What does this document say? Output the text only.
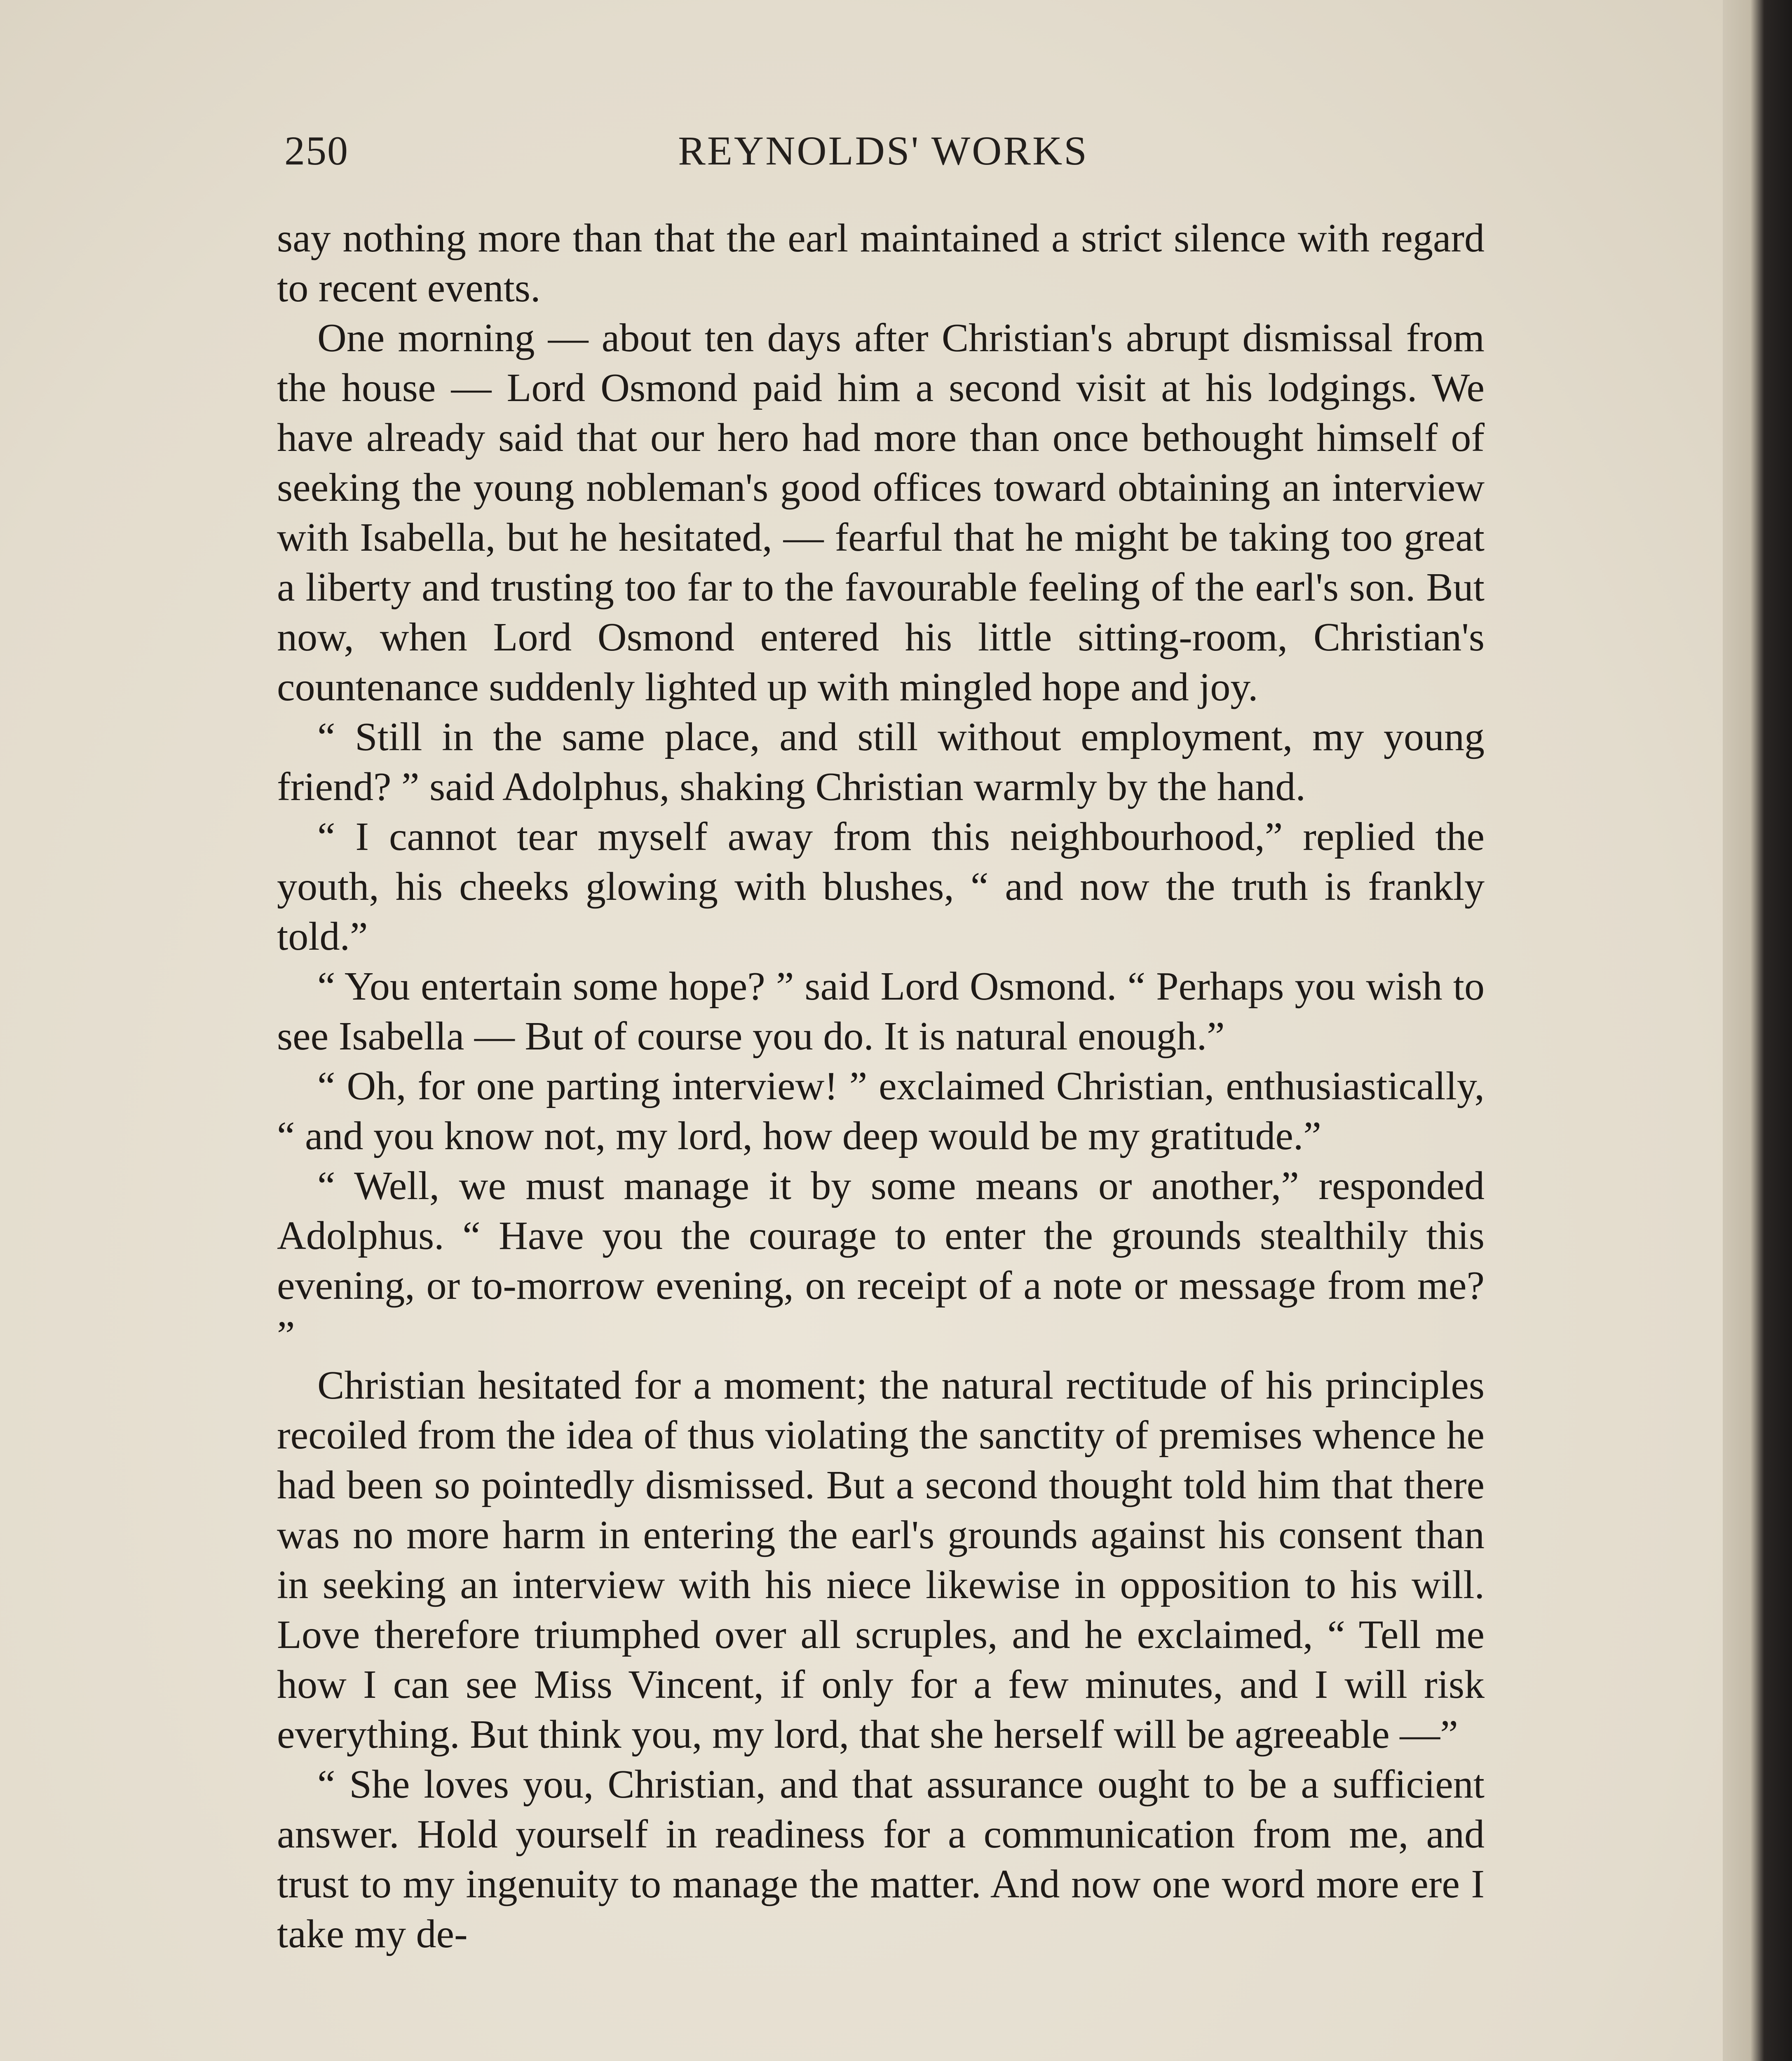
250	REYNOLDS' WORKS

say nothing more than that the earl maintained a strict silence with regard to recent events.

One morning — about ten days after Christian's abrupt dismissal from the house — Lord Osmond paid him a second visit at his lodgings. We have already said that our hero had more than once bethought himself of seeking the young nobleman's good offices toward obtaining an interview with Isabella, but he hesitated, — fearful that he might be taking too great a liberty and trusting too far to the favourable feeling of the earl's son. But now, when Lord Osmond entered his little sitting-room, Christian's countenance suddenly lighted up with mingled hope and joy.

“ Still in the same place, and still without employment, my young friend? ” said Adolphus, shaking Christian warmly by the hand.

“ I cannot tear myself away from this neighbourhood,” replied the youth, his cheeks glowing with blushes, “ and now the truth is frankly told.”

“ You entertain some hope? ” said Lord Osmond. “ Perhaps you wish to see Isabella — But of course you do. It is natural enough.”

“ Oh, for one parting interview! ” exclaimed Christian, enthusiastically, “ and you know not, my lord, how deep would be my gratitude.”

“ Well, we must manage it by some means or another,” responded Adolphus. “ Have you the courage to enter the grounds stealthily this evening, or to-morrow evening, on receipt of a note or message from me? ”

Christian hesitated for a moment; the natural rectitude of his principles recoiled from the idea of thus violating the sanctity of premises whence he had been so pointedly dismissed. But a second thought told him that there was no more harm in entering the earl's grounds against his consent than in seeking an interview with his niece likewise in opposition to his will. Love therefore triumphed over all scruples, and he exclaimed, “ Tell me how I can see Miss Vincent, if only for a few minutes, and I will risk everything. But think you, my lord, that she herself will be agreeable —”

“ She loves you, Christian, and that assurance ought to be a sufficient answer. Hold yourself in readiness for a communication from me, and trust to my ingenuity to manage the matter. And now one word more ere I take my de-
